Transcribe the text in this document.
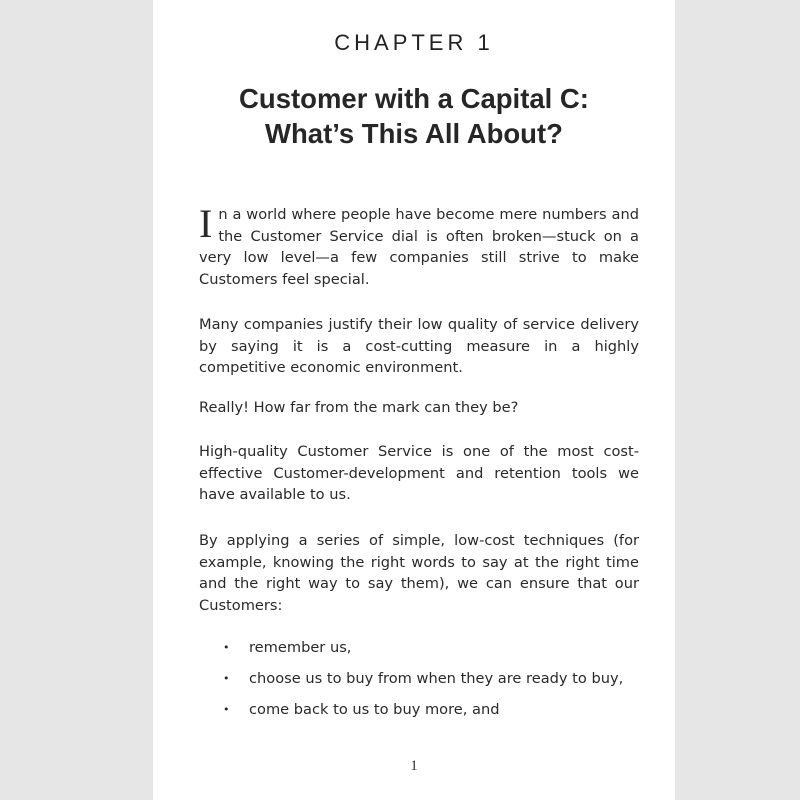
CHAPTER 1
Customer with a Capital C:
What’s This All About?

I n a world where people have become mere numbers and the Customer Service dial is often broken—stuck on a very low level—a few companies still strive to make Customers feel special.

Many companies justify their low quality of service delivery by saying it is a cost-cutting measure in a highly competitive economic environment.

Really! How far from the mark can they be?

High-quality Customer Service is one of the most cost-effective Customer-development and retention tools we have available to us.

By applying a series of simple, low-cost techniques (for example, knowing the right words to say at the right time and the right way to say them), we can ensure that our Customers:

• remember us,
• choose us to buy from when they are ready to buy,
• come back to us to buy more, and
1
